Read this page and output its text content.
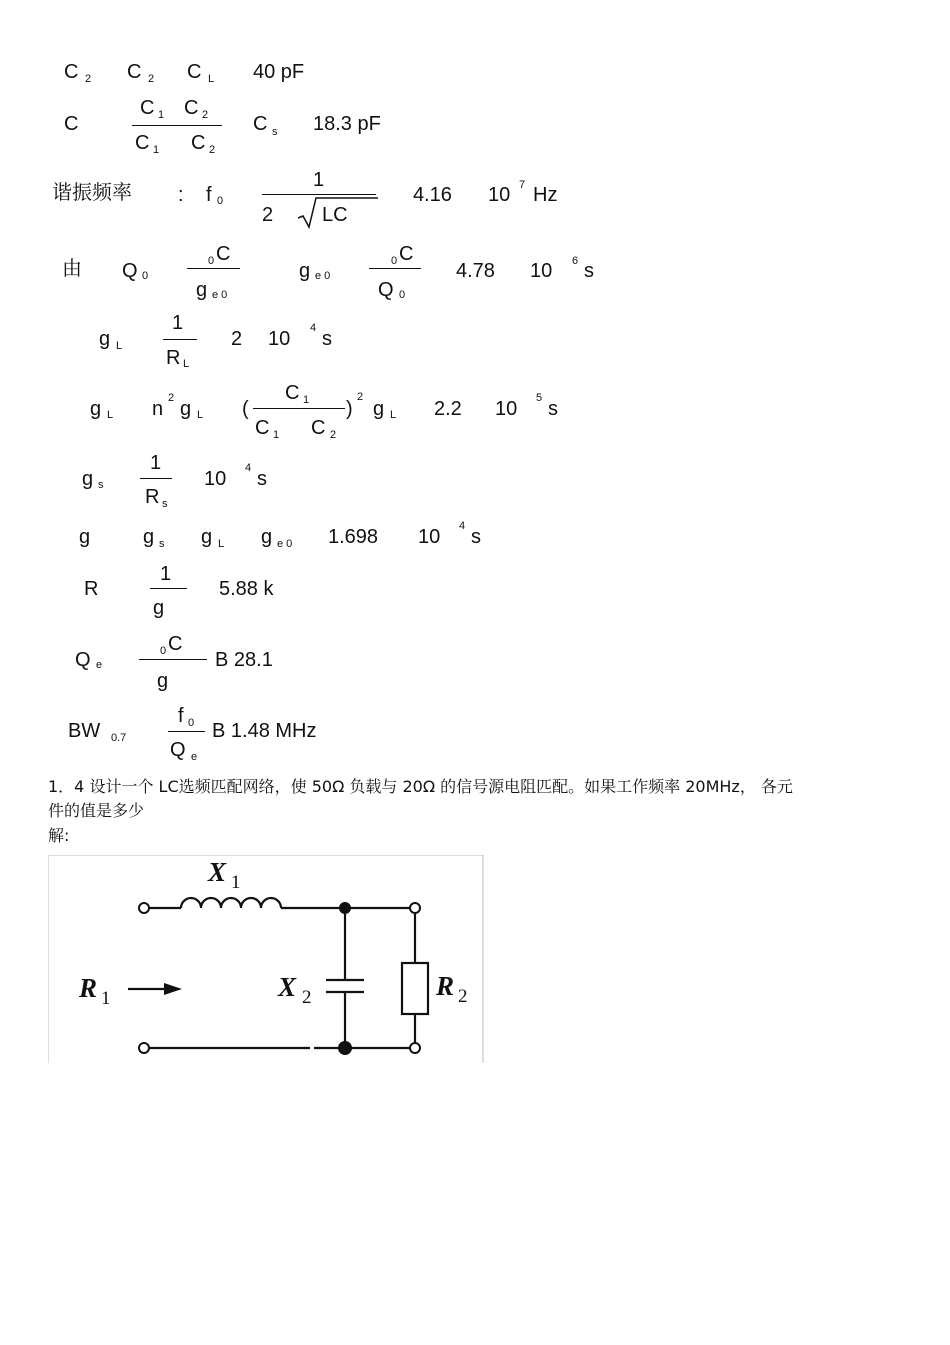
C 2 C 2 C L 40 pF
C
C 1 C 2
C 1 C 2
C s 18.3 pF
谐振频率 : f 0
1
2 LC
4.16 10 7 Hz
由 Q 0
0 C
g e 0
g e 0
0 C
Q 0
4.78 10 6 s
g L
1
R L
2 10 4 s
g L n 2 g L (
C 1
C 1 C 2
)
2
g L 2.2 10 5 s
g s
1
R s
10 4 s
g	g s g L g e 0 1.698 10 4 s
R
1
g
5.88 k
Q e
0 C
g
B 28.1
BW 0.7
f 0
Q e
B 1.48 MHz
1．4 设计一个 LC选频匹配网络，使 50Ω 负载与 20Ω 的信号源电阻匹配。如果工作频率 20MHz， 各元
件的值是多少
解:
X 1
X 2
R 1	R 2
